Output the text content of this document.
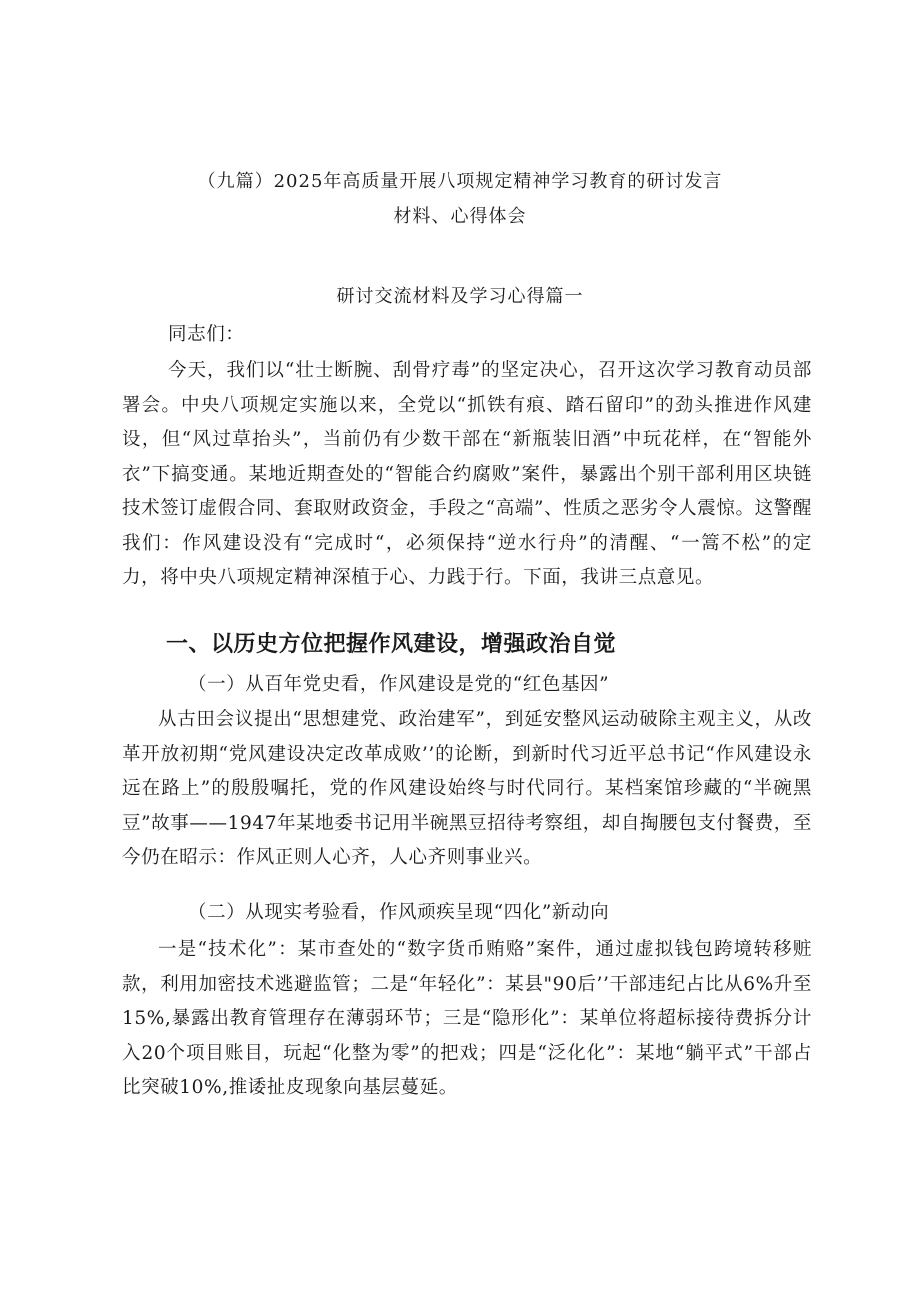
（九篇）2025年高质量开展八项规定精神学习教育的研讨发言
材料、心得体会
研讨交流材料及学习心得篇一
同志们：
今天，我们以“壮士断腕、刮骨疗毒”的坚定决心，召开这次学习教育动员部署会。中央八项规定实施以来，全党以“抓铁有痕、踏石留印”的劲头推进作风建设，但“风过草抬头”，当前仍有少数干部在“新瓶装旧酒”中玩花样，在“智能外衣”下搞变通。某地近期查处的“智能合约腐败”案件，暴露出个别干部利用区块链技术签订虚假合同、套取财政资金，手段之“高端”、性质之恶劣令人震惊。这警醒我们：作风建设没有“完成时“，必须保持“逆水行舟”的清醒、“一篙不松”的定力，将中央八项规定精神深植于心、力践于行。下面，我讲三点意见。
一、以历史方位把握作风建设，增强政治自觉
（一）从百年党史看，作风建设是党的“红色基因”
从古田会议提出“思想建党、政治建军”，到延安整风运动破除主观主义，从改革开放初期“党风建设决定改革成败’’的论断，到新时代习近平总书记“作风建设永远在路上”的殷殷嘱托，党的作风建设始终与时代同行。某档案馆珍藏的“半碗黑豆”故事——1947年某地委书记用半碗黑豆招待考察组，却自掏腰包支付餐费，至今仍在昭示：作风正则人心齐，人心齐则事业兴。
（二）从现实考验看，作风顽疾呈现“四化”新动向
一是“技术化”：某市查处的“数字货币贿赂”案件，通过虚拟钱包跨境转移赃款，利用加密技术逃避监管；二是“年轻化”：某县"90后’’干部违纪占比从6%升至15%,暴露出教育管理存在薄弱环节；三是“隐形化”：某单位将超标接待费拆分计入20个项目账目，玩起“化整为零”的把戏；四是“泛化化”：某地“躺平式”干部占比突破10%,推诿扯皮现象向基层蔓延。
